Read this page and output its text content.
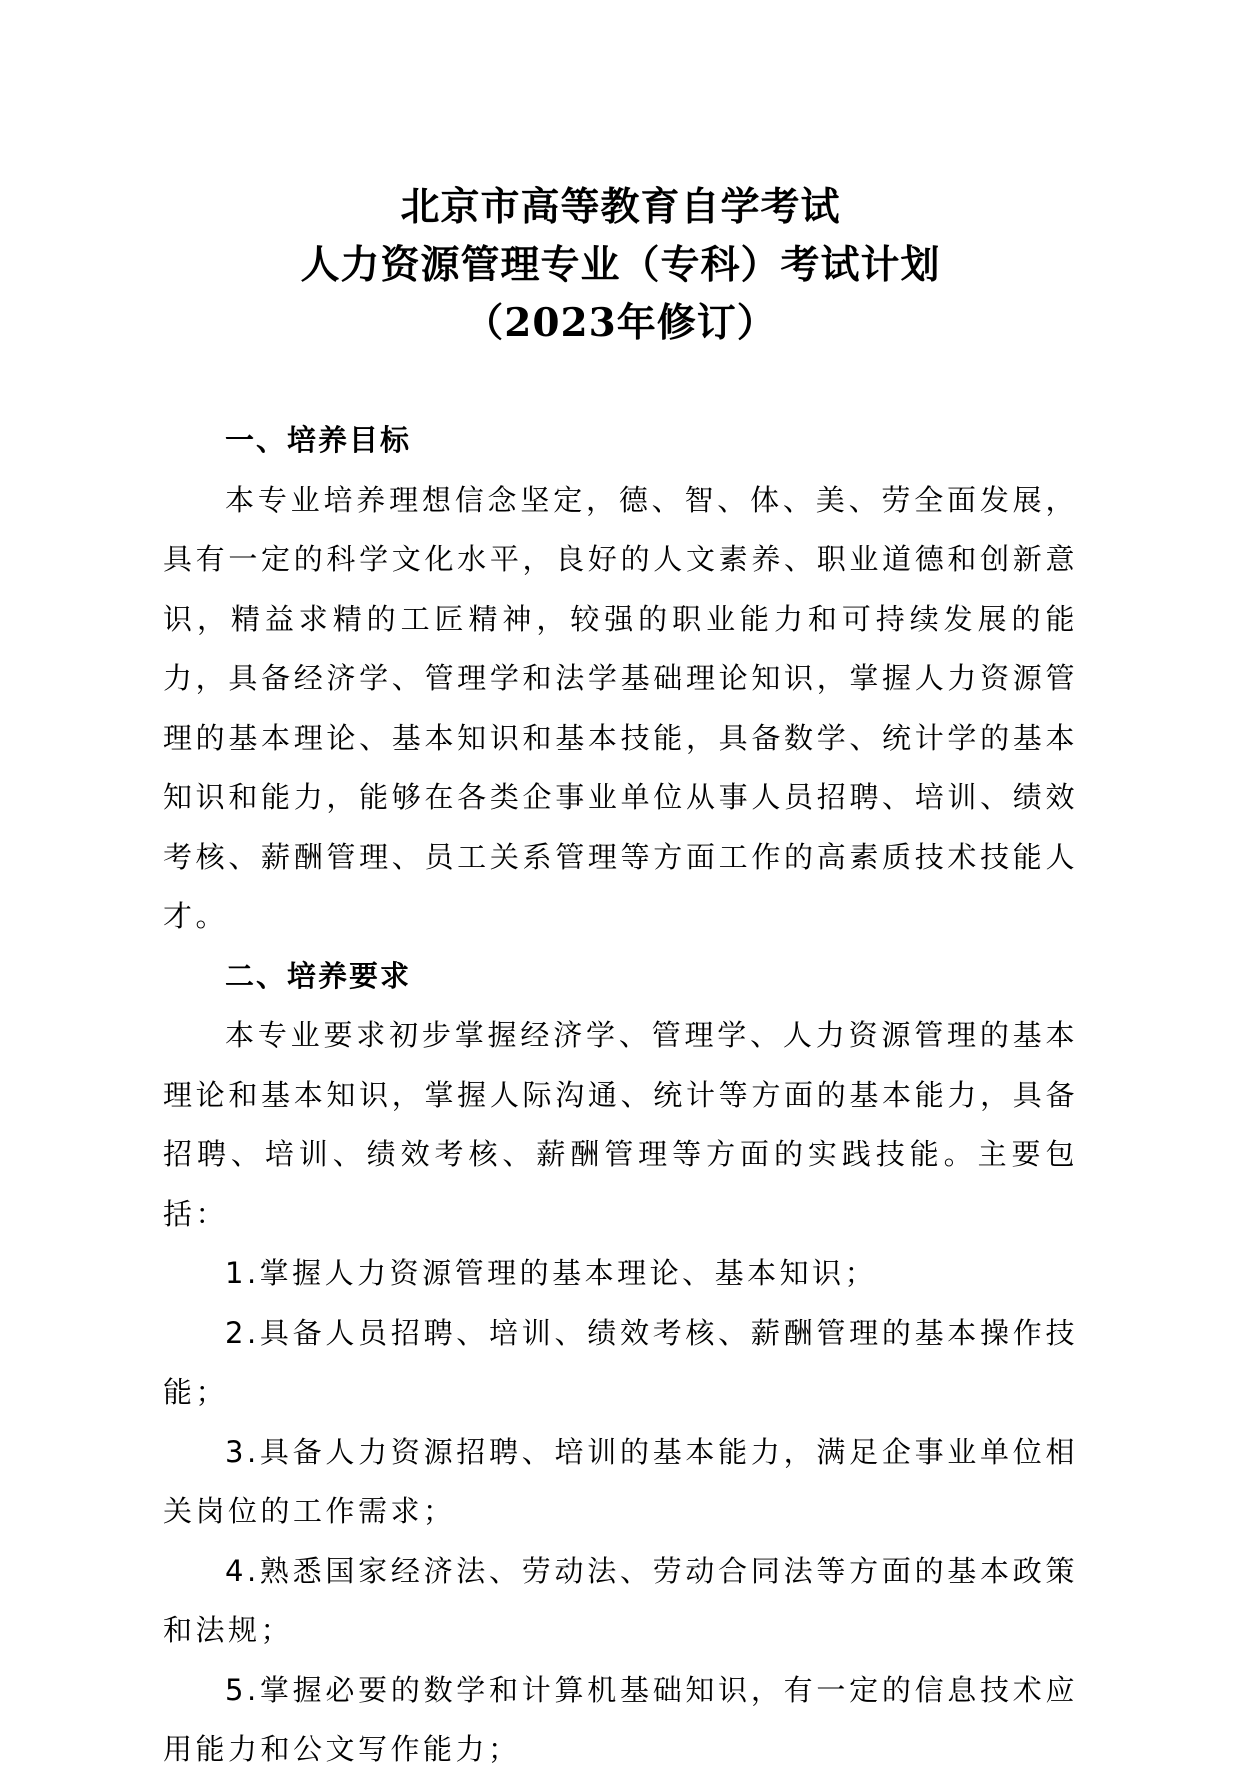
北京市高等教育自学考试
人力资源管理专业（专科）考试计划
（2023年修订）
一、培养目标
本专业培养理想信念坚定，德、智、体、美、劳全面发展，具有一定的科学文化水平，良好的人文素养、职业道德和创新意识，精益求精的工匠精神，较强的职业能力和可持续发展的能力，具备经济学、管理学和法学基础理论知识，掌握人力资源管理的基本理论、基本知识和基本技能，具备数学、统计学的基本知识和能力，能够在各类企事业单位从事人员招聘、培训、绩效考核、薪酬管理、员工关系管理等方面工作的高素质技术技能人才。
二、培养要求
本专业要求初步掌握经济学、管理学、人力资源管理的基本理论和基本知识，掌握人际沟通、统计等方面的基本能力，具备招聘、培训、绩效考核、薪酬管理等方面的实践技能。主要包括：
1.掌握人力资源管理的基本理论、基本知识；
2.具备人员招聘、培训、绩效考核、薪酬管理的基本操作技能；
3.具备人力资源招聘、培训的基本能力，满足企事业单位相关岗位的工作需求；
4.熟悉国家经济法、劳动法、劳动合同法等方面的基本政策和法规；
5.掌握必要的数学和计算机基础知识，有一定的信息技术应用能力和公文写作能力；
